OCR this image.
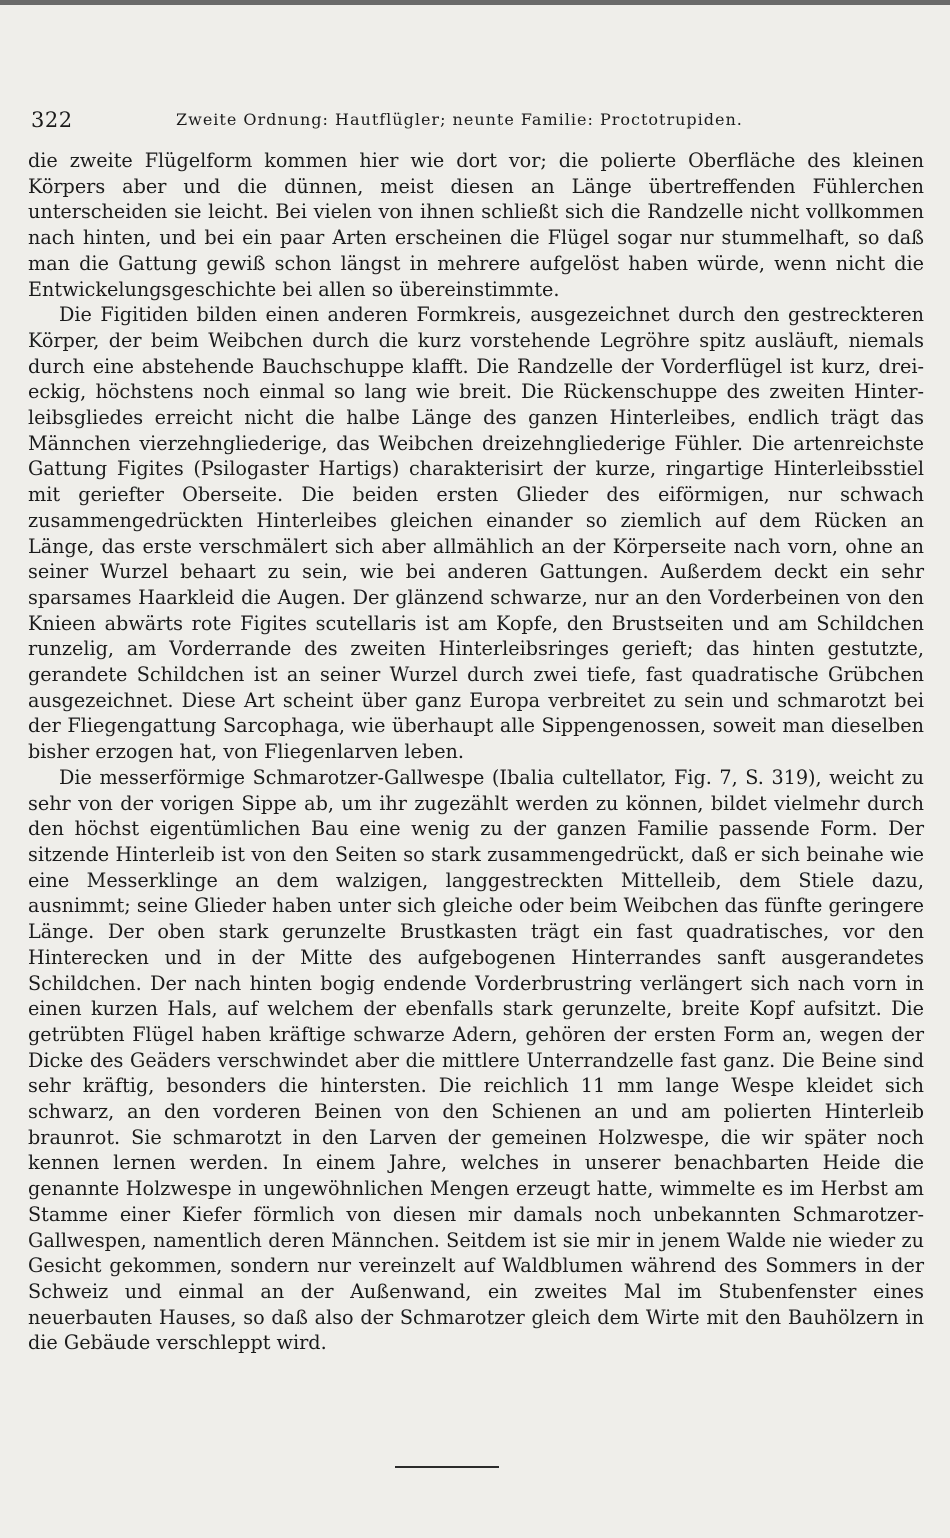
322	Zweite Ordnung: Hautflügler; neunte Familie: Proctotrupiden.

die zweite Flügelform kommen hier wie dort vor; die polierte Oberfläche des kleinen Körpers aber und die dünnen, meist diesen an Länge übertreffenden Fühlerchen unterscheiden sie leicht. Bei vielen von ihnen schließt sich die Randzelle nicht vollkommen nach hinten, und bei ein paar Arten erscheinen die Flügel sogar nur stummelhaft, so daß man die Gattung gewiß schon längst in mehrere aufgelöst haben würde, wenn nicht die Entwickelungsgeschichte bei allen so übereinstimmte.

Die Figitiden bilden einen anderen Formkreis, ausgezeichnet durch den gestreckteren Körper, der beim Weibchen durch die kurz vorstehende Legröhre spitz ausläuft, niemals durch eine abstehende Bauchschuppe klafft. Die Randzelle der Vorderflügel ist kurz, dreieckig, höchstens noch einmal so lang wie breit. Die Rückenschuppe des zweiten Hinterleibsgliedes erreicht nicht die halbe Länge des ganzen Hinterleibes, endlich trägt das Männchen vierzehngliederige, das Weibchen dreizehngliederige Fühler. Die artenreichste Gattung Figites (Psilogaster Hartigs) charakterisirt der kurze, ringartige Hinterleibsstiel mit geriefter Oberseite. Die beiden ersten Glieder des eiförmigen, nur schwach zusammengedrückten Hinterleibes gleichen einander so ziemlich auf dem Rücken an Länge, das erste verschmälert sich aber allmählich an der Körperseite nach vorn, ohne an seiner Wurzel behaart zu sein, wie bei anderen Gattungen. Außerdem deckt ein sehr sparsames Haarkleid die Augen. Der glänzend schwarze, nur an den Vorderbeinen von den Knieen abwärts rote Figites scutellaris ist am Kopfe, den Brustseiten und am Schildchen runzelig, am Vorderrande des zweiten Hinterleibsringes gerieft; das hinten gestutzte, gerandete Schildchen ist an seiner Wurzel durch zwei tiefe, fast quadratische Grübchen ausgezeichnet. Diese Art scheint über ganz Europa verbreitet zu sein und schmarotzt bei der Fliegengattung Sarcophaga, wie überhaupt alle Sippengenossen, soweit man dieselben bisher erzogen hat, von Fliegenlarven leben.

Die messerförmige Schmarotzer-Gallwespe (Ibalia cultellator, Fig. 7, S. 319), weicht zu sehr von der vorigen Sippe ab, um ihr zugezählt werden zu können, bildet vielmehr durch den höchst eigentümlichen Bau eine wenig zu der ganzen Familie passende Form. Der sitzende Hinterleib ist von den Seiten so stark zusammengedrückt, daß er sich beinahe wie eine Messerklinge an dem walzigen, langgestreckten Mittelleib, dem Stiele dazu, ausnimmt; seine Glieder haben unter sich gleiche oder beim Weibchen das fünfte geringere Länge. Der oben stark gerunzelte Brustkasten trägt ein fast quadratisches, vor den Hinterecken und in der Mitte des aufgebogenen Hinterrandes sanft ausgerandetes Schildchen. Der nach hinten bogig endende Vorderbrustring verlängert sich nach vorn in einen kurzen Hals, auf welchem der ebenfalls stark gerunzelte, breite Kopf aufsitzt. Die getrübten Flügel haben kräftige schwarze Adern, gehören der ersten Form an, wegen der Dicke des Geäders verschwindet aber die mittlere Unterrandzelle fast ganz. Die Beine sind sehr kräftig, besonders die hintersten. Die reichlich 11 mm lange Wespe kleidet sich schwarz, an den vorderen Beinen von den Schienen an und am polierten Hinterleib braunrot. Sie schmarotzt in den Larven der gemeinen Holzwespe, die wir später noch kennen lernen werden. In einem Jahre, welches in unserer benachbarten Heide die genannte Holzwespe in ungewöhnlichen Mengen erzeugt hatte, wimmelte es im Herbst am Stamme einer Kiefer förmlich von diesen mir damals noch unbekannten Schmarotzer-Gallwespen, namentlich deren Männchen. Seitdem ist sie mir in jenem Walde nie wieder zu Gesicht gekommen, sondern nur vereinzelt auf Waldblumen während des Sommers in der Schweiz und einmal an der Außenwand, ein zweites Mal im Stubenfenster eines neuerbauten Hauses, so daß also der Schmarotzer gleich dem Wirte mit den Bauhölzern in die Gebäude verschleppt wird.
